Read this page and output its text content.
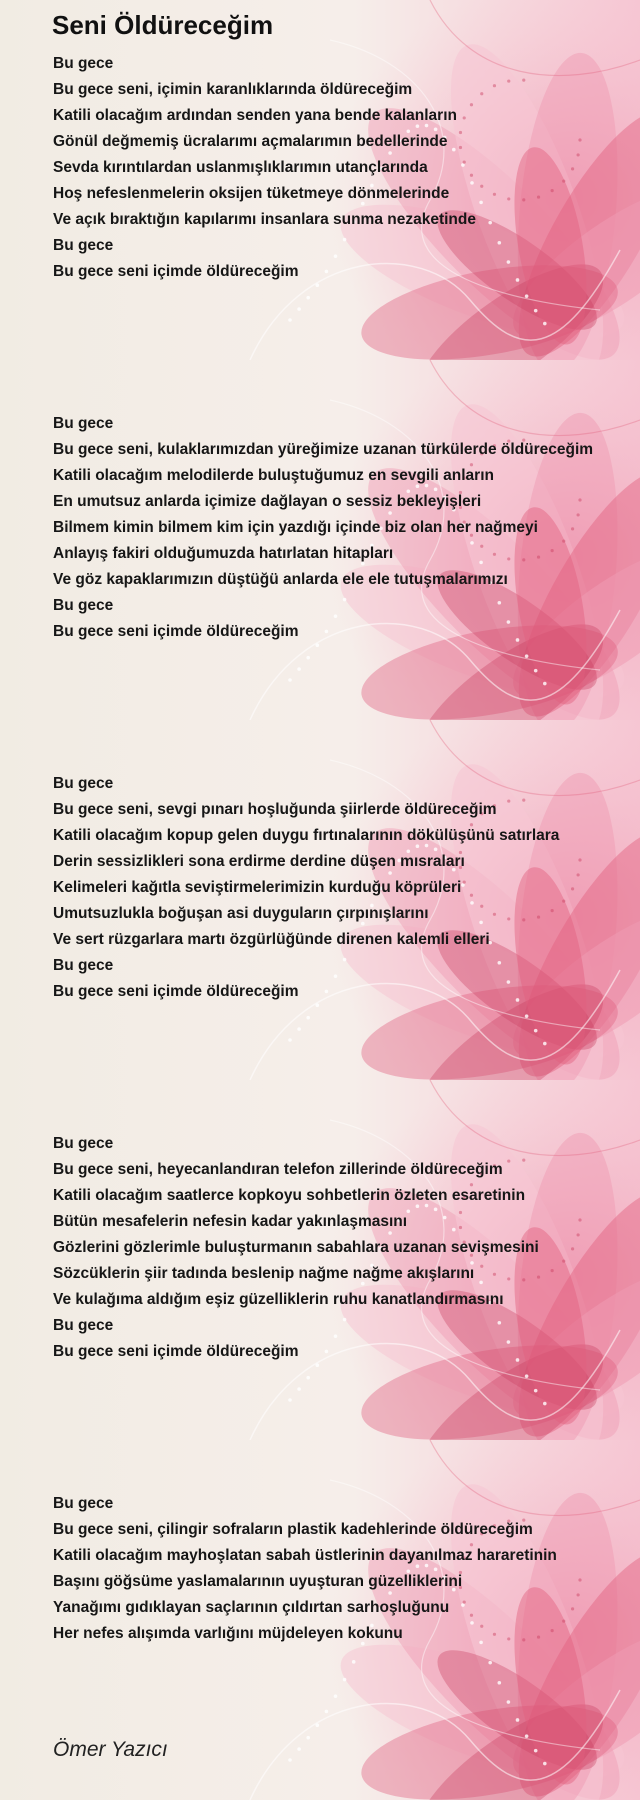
Seni Öldüreceğim
Bu gece
Bu gece seni, içimin karanlıklarında öldüreceğim
Katili olacağım ardından senden yana bende kalanların
Gönül değmemiş ücralarımı açmalarımın bedellerinde
Sevda kırıntılardan uslanmışlıklarımın utançlarında
Hoş nefeslenmelerin oksijen tüketmeye dönmelerinde
Ve açık bıraktığın kapılarımı insanlara sunma nezaketinde
Bu gece
Bu gece seni içimde öldüreceğim
Bu gece
Bu gece seni, kulaklarımızdan yüreğimize uzanan türkülerde öldüreceğim
Katili olacağım melodilerde buluştuğumuz en sevgili anların
En umutsuz anlarda içimize dağlayan o sessiz bekleyişleri
Bilmem kimin bilmem kim için yazdığı içinde biz olan her nağmeyi
Anlayış fakiri olduğumuzda hatırlatan hitapları
Ve göz kapaklarımızın düştüğü anlarda ele ele tutuşmalarımızı
Bu gece
Bu gece seni içimde öldüreceğim
Bu gece
Bu gece seni, sevgi pınarı hoşluğunda şiirlerde öldüreceğim
Katili olacağım kopup gelen duygu fırtınalarının dökülüşünü satırlara
Derin sessizlikleri sona erdirme derdine düşen mısraları
Kelimeleri kağıtla seviştirmelerimizin kurduğu köprüleri
Umutsuzlukla boğuşan asi duyguların çırpınışlarını
Ve sert rüzgarlara martı özgürlüğünde direnen kalemli elleri
Bu gece
Bu gece seni içimde öldüreceğim
Bu gece
Bu gece seni, heyecanlandıran telefon zillerinde öldüreceğim
Katili olacağım saatlerce kopkoyu sohbetlerin özleten esaretinin
Bütün mesafelerin nefesin kadar yakınlaşmasını
Gözlerini gözlerimle buluşturmanın sabahlara uzanan sevişmesini
Sözcüklerin şiir tadında beslenip nağme nağme akışlarını
Ve kulağıma aldığım eşiz güzelliklerin ruhu kanatlandırmasını
Bu gece
Bu gece seni içimde öldüreceğim
Bu gece
Bu gece seni, çilingir sofraların plastik kadehlerinde öldüreceğim
Katili olacağım mayhoşlatan sabah üstlerinin dayanılmaz hararetinin
Başını göğsüme yaslamalarının uyuşturan güzelliklerini
Yanağımı gıdıklayan saçlarının çıldırtan sarhoşluğunu
Her nefes alışımda varlığını müjdeleyen kokunu
Ömer Yazıcı
